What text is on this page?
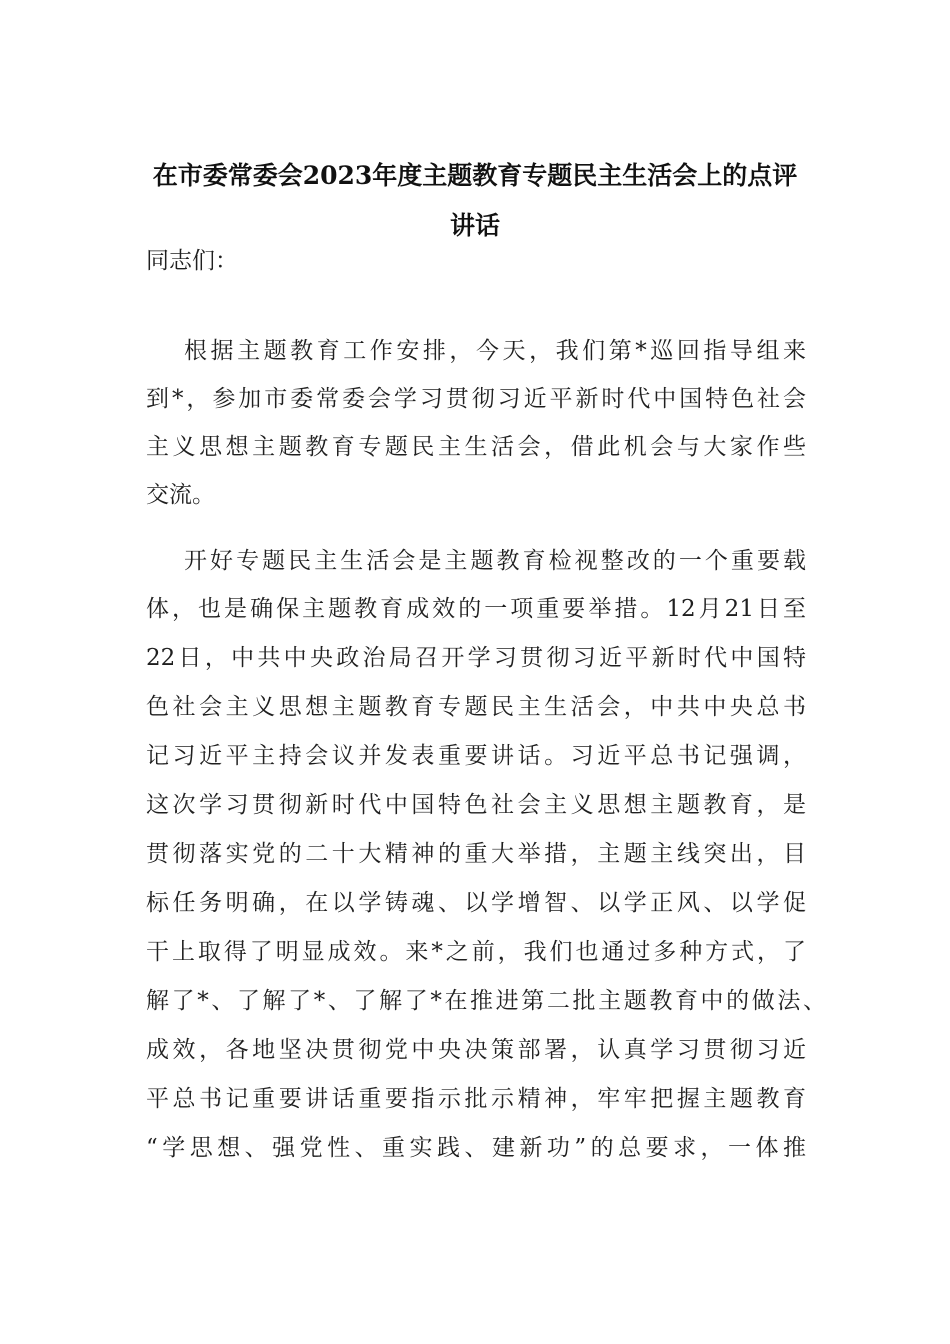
在市委常委会2023年度主题教育专题民主生活会上的点评
讲话
同志们：
根据主题教育工作安排，今天，我们第*巡回指导组来
到*，参加市委常委会学习贯彻习近平新时代中国特色社会
主义思想主题教育专题民主生活会，借此机会与大家作些
交流。
开好专题民主生活会是主题教育检视整改的一个重要载
体，也是确保主题教育成效的一项重要举措。12月21日至
22日，中共中央政治局召开学习贯彻习近平新时代中国特
色社会主义思想主题教育专题民主生活会，中共中央总书
记习近平主持会议并发表重要讲话。习近平总书记强调，
这次学习贯彻新时代中国特色社会主义思想主题教育，是
贯彻落实党的二十大精神的重大举措，主题主线突出，目
标任务明确，在以学铸魂、以学增智、以学正风、以学促
干上取得了明显成效。来*之前，我们也通过多种方式，了
解了*、了解了*、了解了*在推进第二批主题教育中的做法、
成效，各地坚决贯彻党中央决策部署，认真学习贯彻习近
平总书记重要讲话重要指示批示精神，牢牢把握主题教育
“学思想、强党性、重实践、建新功”的总要求，一体推
